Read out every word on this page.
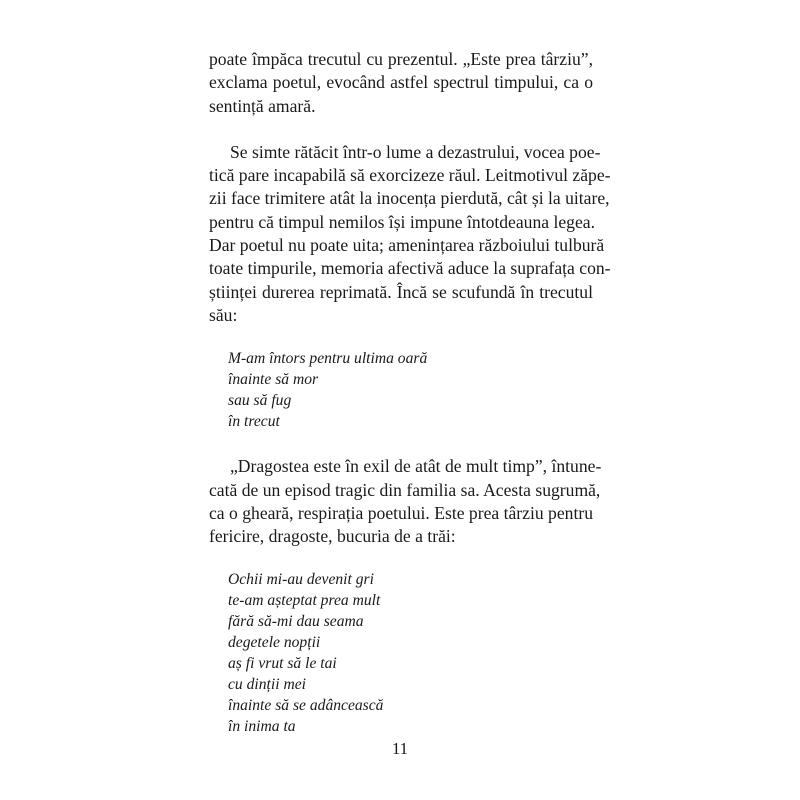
poate împăca trecutul cu prezentul. „Este prea târziu”,
exclama poetul, evocând astfel spectrul timpului, ca o
sentință amară.
Se simte rătăcit într-o lume a dezastrului, vocea poe-
tică pare incapabilă să exorcizeze răul. Leitmotivul zăpe-
zii face trimitere atât la inocența pierdută, cât și la uitare,
pentru că timpul nemilos își impune întotdeauna legea.
Dar poetul nu poate uita; amenințarea războiului tulbură
toate timpurile, memoria afectivă aduce la suprafața con-
științei durerea reprimată. Încă se scufundă în trecutul
său:
M-am întors pentru ultima oară
înainte să mor
sau să fug
în trecut
„Dragostea este în exil de atât de mult timp”, întune-
cată de un episod tragic din familia sa. Acesta sugrumă,
ca o gheară, respirația poetului. Este prea târziu pentru
fericire, dragoste, bucuria de a trăi:
Ochii mi-au devenit gri
te-am așteptat prea mult
fără să-mi dau seama
degetele nopții
aș fi vrut să le tai
cu dinții mei
înainte să se adâncească
în inima ta
11
